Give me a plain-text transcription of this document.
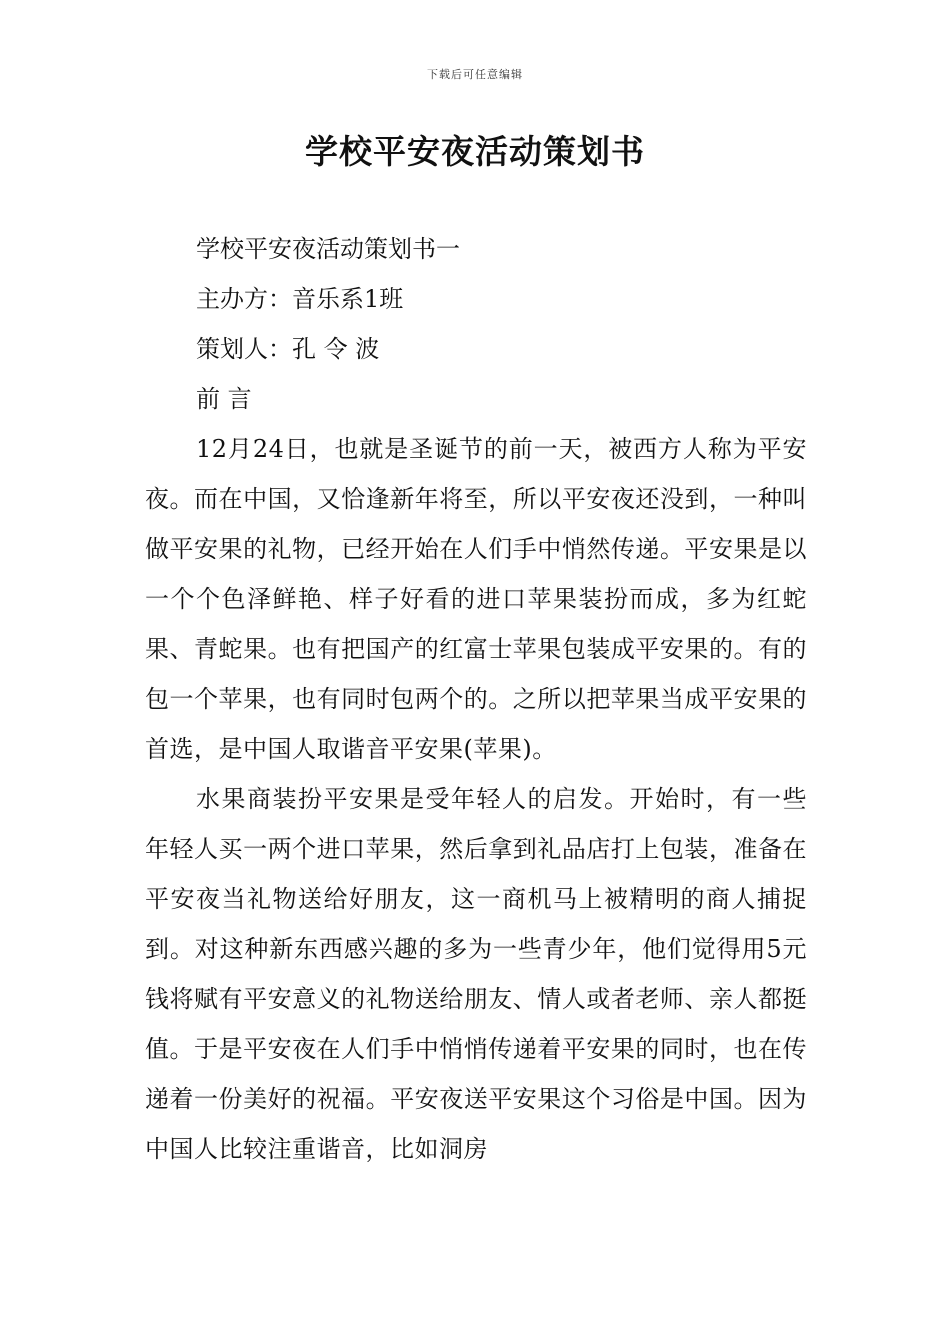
下载后可任意编辑
学校平安夜活动策划书

学校平安夜活动策划书一

主办方：音乐系1班

策划人：孔 令 波

前 言

12月24日，也就是圣诞节的前一天，被西方人称为平安夜。而在中国，又恰逢新年将至，所以平安夜还没到，一种叫做平安果的礼物，已经开始在人们手中悄然传递。平安果是以一个个色泽鲜艳、样子好看的进口苹果装扮而成，多为红蛇果、青蛇果。也有把国产的红富士苹果包装成平安果的。有的包一个苹果，也有同时包两个的。之所以把苹果当成平安果的首选，是中国人取谐音平安果(苹果)。

水果商装扮平安果是受年轻人的启发。开始时，有一些年轻人买一两个进口苹果，然后拿到礼品店打上包装，准备在平安夜当礼物送给好朋友，这一商机马上被精明的商人捕捉到。对这种新东西感兴趣的多为一些青少年，他们觉得用5元钱将赋有平安意义的礼物送给朋友、情人或者老师、亲人都挺值。于是平安夜在人们手中悄悄传递着平安果的同时，也在传递着一份美好的祝福。平安夜送平安果这个习俗是中国。因为中国人比较注重谐音，比如洞房
